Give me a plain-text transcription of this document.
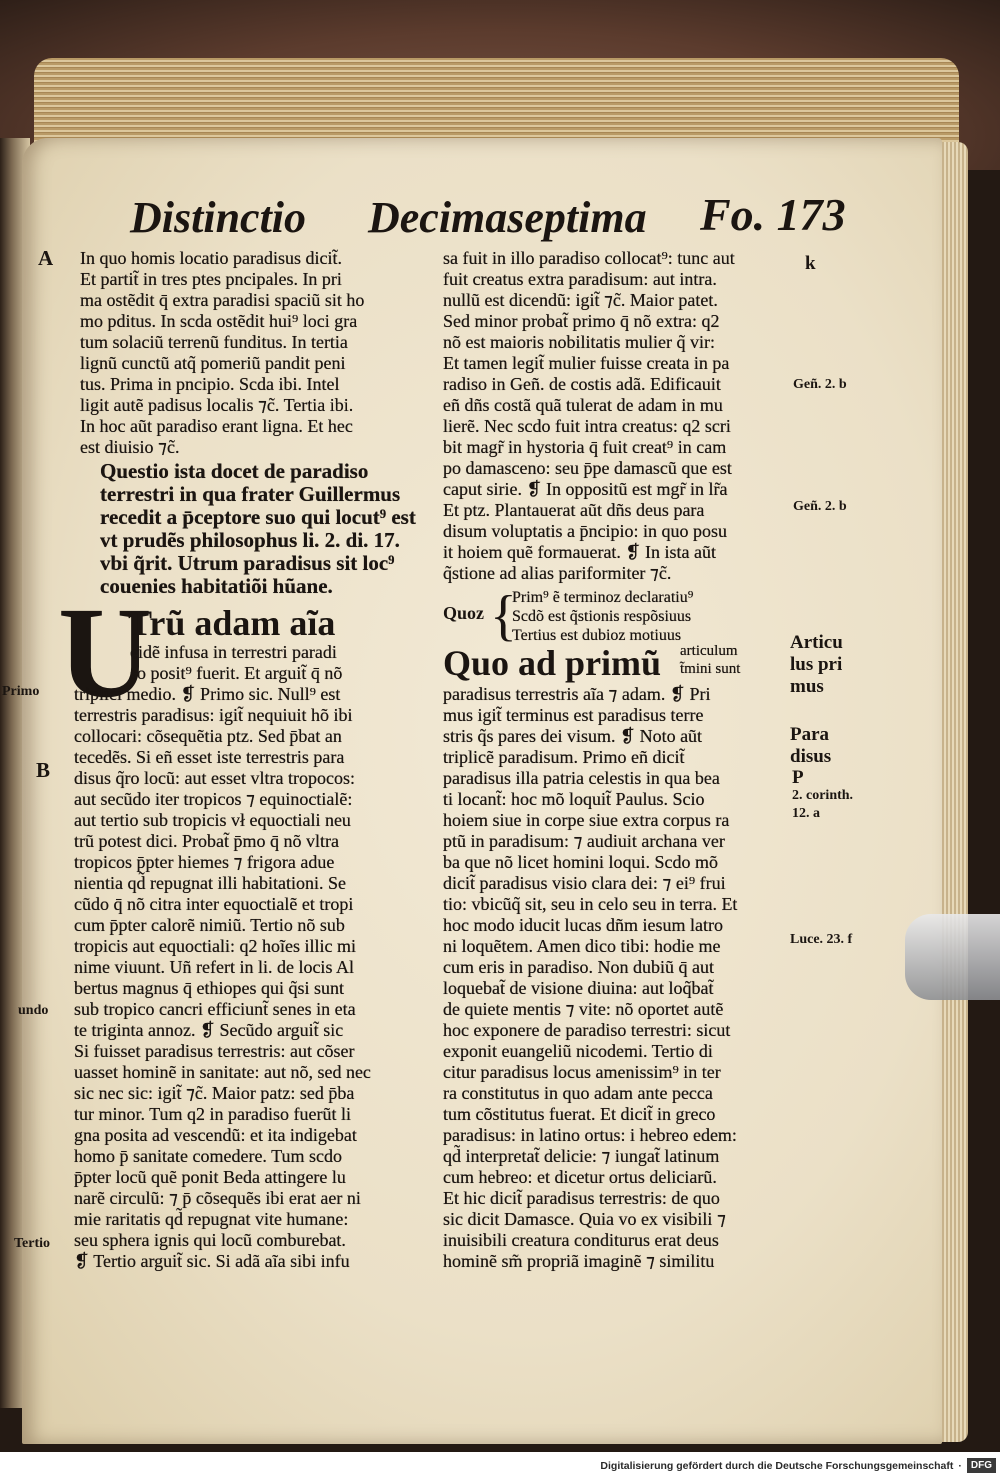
Distinctio Decimaseptima Fo. 173
In quo homis locatio paradisus dicit̃.
Et partit̃ in tres ptes pncipales. In pri
ma ostẽdit q̄ extra paradisi spaciũ sit ho
mo pditus. In scda ostẽdit hui⁹ loci gra
tum solaciũ terrenũ funditus. In tertia
lignũ cunctũ atq̃ pomeriũ pandit peni
tus. Prima in pncipio. Scda ibi. Intel
ligit autẽ padisus localis ⁊c̃. Tertia ibi.
In hoc aũt paradiso erant ligna. Et hec
est diuisio ⁊c̃.
Questio ista docet de paradiso
terrestri in qua frater Guillermus
recedit a p̄ceptore suo qui locut⁹ est
vt prudẽs philosophus li. 2. di. 17.
vbi q̃rit. Utrum paradisus sit loc⁹
couenies habitatiõi hũane.
U
Trũ adam aĩa
eidẽ infusa in terrestri paradi
so posit⁹ fuerit. Et arguit̃ q̄ nõ
triplici medio. ❡ Primo sic. Null⁹ est
terrestris paradisus: igit̃ nequiuit hõ ibi
collocari: cõsequẽtia ptz. Sed p̄bat an
tecedẽs. Si eñ esset iste terrestris para
disus q̃ro locũ: aut esset vltra tropocos:
aut secũdo iter tropicos ⁊ equinoctialẽ:
aut tertio sub tropicis vł equoctiali neu
trũ potest dici. Probat̃ p̄mo q̄ nõ vltra
tropicos p̄pter hiemes ⁊ frigora adue
nientia qd̃ repugnat illi habitationi. Se
cũdo q̄ nõ citra inter equoctialẽ et tropi
cum p̄pter calorẽ nimiũ. Tertio nõ sub
tropicis aut equoctiali: q2 hoĩes illic mi
nime viuunt. Uñ refert in li. de locis Al
bertus magnus q̄ ethiopes qui q̃si sunt
sub tropico cancri efficiunt̃ senes in eta
te triginta annoz. ❡ Secũdo arguit̃ sic
Si fuisset paradisus terrestris: aut cõser
uasset hominẽ in sanitate: aut nõ, sed nec
sic nec sic: igit̃ ⁊c̃. Maior patz: sed p̄ba
tur minor. Tum q2 in paradiso fuerũt li
gna posita ad vescendũ: et ita indigebat
homo p̄ sanitate comedere. Tum scdo
p̄pter locũ quẽ ponit Beda attingere lu
narẽ circulũ: ⁊ p̄ cõsequẽs ibi erat aer ni
mie raritatis qd̃ repugnat vite humane:
seu sphera ignis qui locũ comburebat.
❡ Tertio arguit̃ sic. Si adã aĩa sibi infu
sa fuit in illo paradiso collocat⁹: tunc aut
fuit creatus extra paradisum: aut intra.
nullũ est dicendũ: igit̃ ⁊c̃. Maior patet.
Sed minor probat̃ primo q̄ nõ extra: q2
nõ est maioris nobilitatis mulier q̃ vir:
Et tamen legit̃ mulier fuisse creata in pa
radiso in Geñ. de costis adã. Edificauit
eñ dñs costã quã tulerat de adam in mu
lierẽ. Nec scdo fuit intra creatus: q2 scri
bit magr̃ in hystoria q̄ fuit creat⁹ in cam
po damasceno: seu p̄pe damascũ que est
caput sirie. ❡ In oppositũ est mgr̃ in lr̃a
Et ptz. Plantauerat aũt dñs deus para
disum voluptatis a p̄ncipio: in quo posu
it hoiem quẽ formauerat. ❡ In ista aũt
q̃stione ad alias pariformiter ⁊c̃.
Quoz {
Prim⁹ ẽ terminoz declaratiu⁹
Scdõ est q̃stionis respõsiuus
Tertius est dubioz motiuus
Quo ad primũ articulum
t̃mini sunt
paradisus terrestris aĩa ⁊ adam. ❡ Pri
mus igit̃ terminus est paradisus terre
stris q̃s pares dei visum. ❡ Noto aũt
triplicẽ paradisum. Primo eñ dicit̃
paradisus illa patria celestis in qua bea
ti locant̃: hoc mõ loquit̃ Paulus. Scio
hoiem siue in corpe siue extra corpus ra
ptũ in paradisum: ⁊ audiuit archana ver
ba que nõ licet homini loqui. Scdo mõ
dicit̃ paradisus visio clara dei: ⁊ ei⁹ frui
tio: vbicũq̃ sit, seu in celo seu in terra. Et
hoc modo iducit lucas dñm iesum latro
ni loquẽtem. Amen dico tibi: hodie me
cum eris in paradiso. Non dubiũ q̄ aut
loquebat̃ de visione diuina: aut loq̃bat̃
de quiete mentis ⁊ vite: nõ oportet autẽ
hoc exponere de paradiso terrestri: sicut
exponit euangeliũ nicodemi. Tertio di
citur paradisus locus amenissim⁹ in ter
ra constitutus in quo adam ante pecca
tum cõstitutus fuerat. Et dicit̃ in greco
paradisus: in latino ortus: i hebreo edem:
qd̃ interpretat̃ delicie: ⁊ iungat̃ latinum
cum hebreo: et dicetur ortus deliciarũ.
Et hic dicit̃ paradisus terrestris: de quo
sic dicit Damasce. Quia vo ex visibili ⁊
inuisibili creatura conditurus erat deus
hominẽ sm̃ propriã imaginẽ ⁊ similitu
A
Primo
B
undo
Tertio
k
Geñ. 2. b
Geñ. 2. b
Articu
lus pri
mus
Para
disus
P
2. corinth.
12. a
Luce. 23. f
Digitalisierung gefördert durch die Deutsche Forschungsgemeinschaft · DFG
